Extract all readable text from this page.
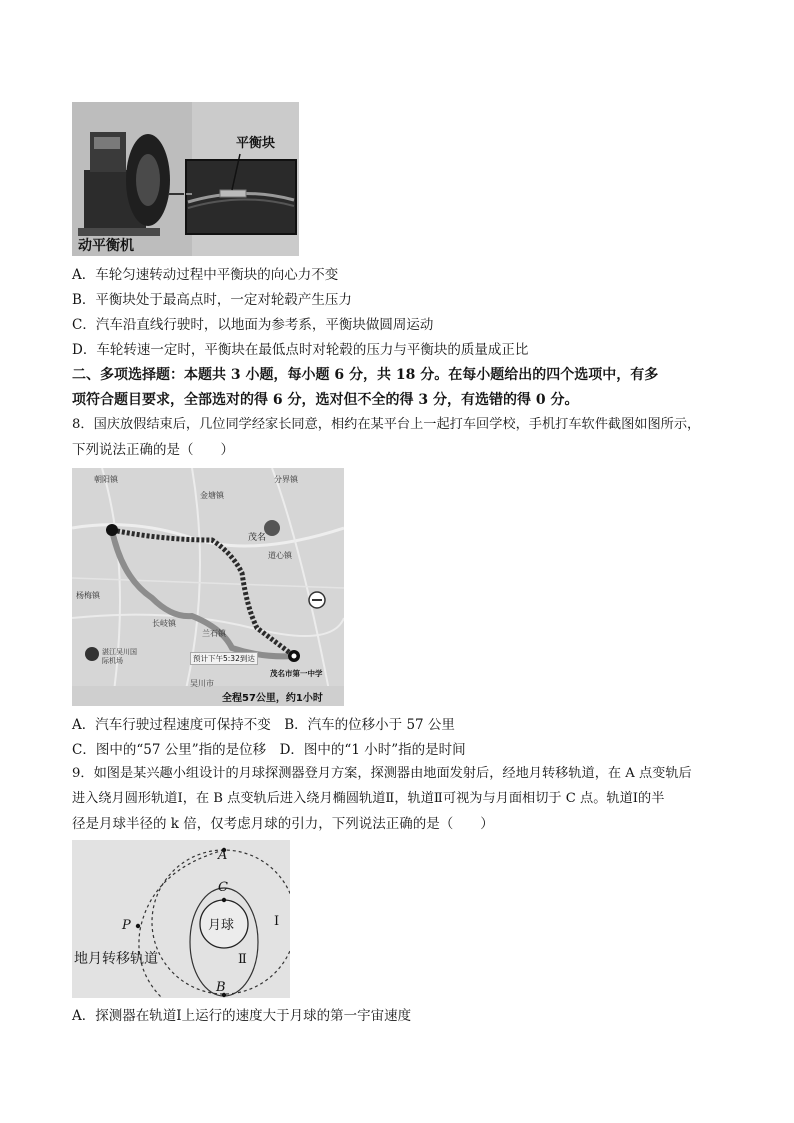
动平衡机
平衡块
A．车轮匀速转动过程中平衡块的向心力不变
B．平衡块处于最高点时，一定对轮毂产生压力
C．汽车沿直线行驶时，以地面为参考系，平衡块做圆周运动
D．车轮转速一定时，平衡块在最低点时对轮毂的压力与平衡块的质量成正比
二、多项选择题：本题共 3 小题，每小题 6 分，共 18 分。在每小题给出的四个选项中，有多
项符合题目要求，全部选对的得 6 分，选对但不全的得 3 分，有选错的得 0 分。
8．国庆放假结束后，几位同学经家长同意，相约在某平台上一起打车回学校，手机打车软件截图如图所示，
下列说法正确的是（　　）
朝阳镇
金塘镇
分界镇
茂名
道心镇
长岐镇
杨梅镇
兰石镇
湛江吴川国际机场
吴川市
茂名市第一中学
预计下午5:32到达
全程57公里，约1小时
A．汽车行驶过程速度可保持不变　B．汽车的位移小于 57 公里
C．图中的“57 公里”指的是位移　D．图中的“1 小时”指的是时间
9．如图是某兴趣小组设计的月球探测器登月方案，探测器由地面发射后，经地月转移轨道，在 A 点变轨后
进入绕月圆形轨道Ⅰ，在 B 点变轨后进入绕月椭圆轨道Ⅱ，轨道Ⅱ可视为与月面相切于 C 点。轨道Ⅰ的半
径是月球半径的 k 倍，仅考虑月球的引力，下列说法正确的是（　　）
A
C
B
P	月球	Ⅰ
Ⅱ
地月转移轨道
A．探测器在轨道Ⅰ上运行的速度大于月球的第一宇宙速度
